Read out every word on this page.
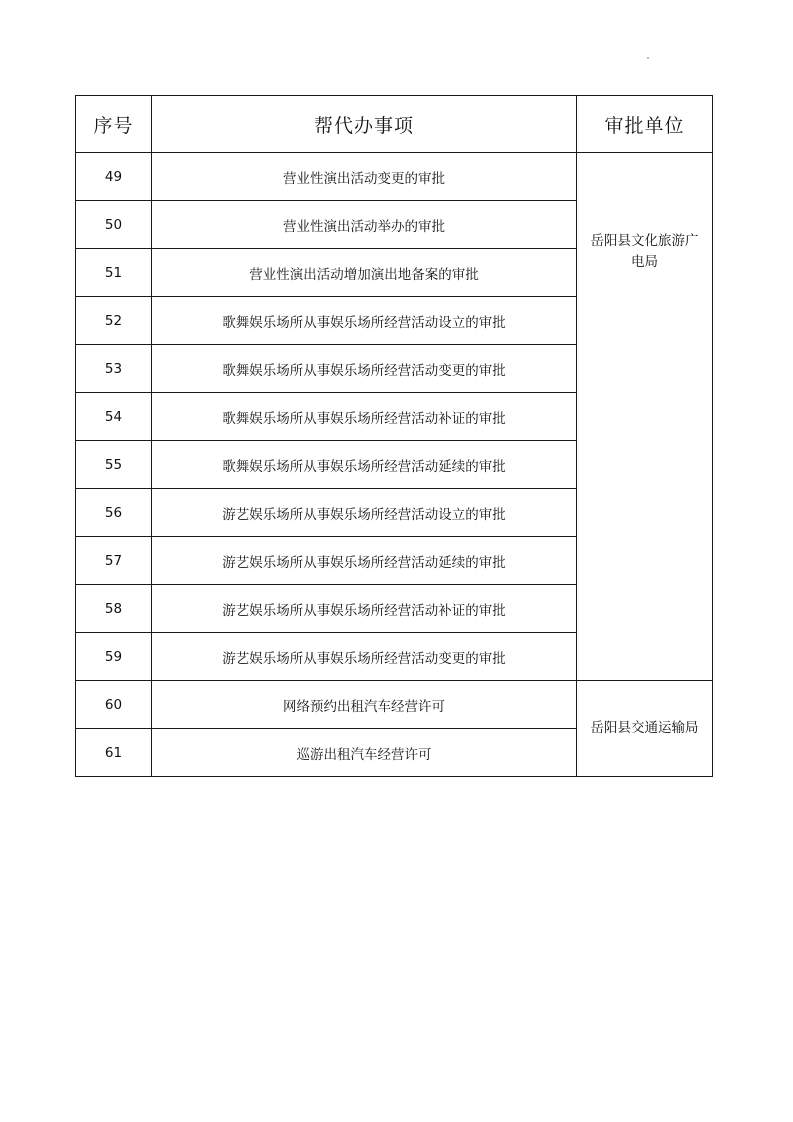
序号	帮代办事项	审批单位
49	营业性演出活动变更的审批	岳阳县文化旅游广电局
50	营业性演出活动举办的审批	
51	营业性演出活动增加演出地备案的审批	
52	歌舞娱乐场所从事娱乐场所经营活动设立的审批	
53	歌舞娱乐场所从事娱乐场所经营活动变更的审批	
54	歌舞娱乐场所从事娱乐场所经营活动补证的审批	
55	歌舞娱乐场所从事娱乐场所经营活动延续的审批	
56	游艺娱乐场所从事娱乐场所经营活动设立的审批	
57	游艺娱乐场所从事娱乐场所经营活动延续的审批	
58	游艺娱乐场所从事娱乐场所经营活动补证的审批	
59	游艺娱乐场所从事娱乐场所经营活动变更的审批	
60	网络预约出租汽车经营许可	岳阳县交通运输局
61	巡游出租汽车经营许可	
